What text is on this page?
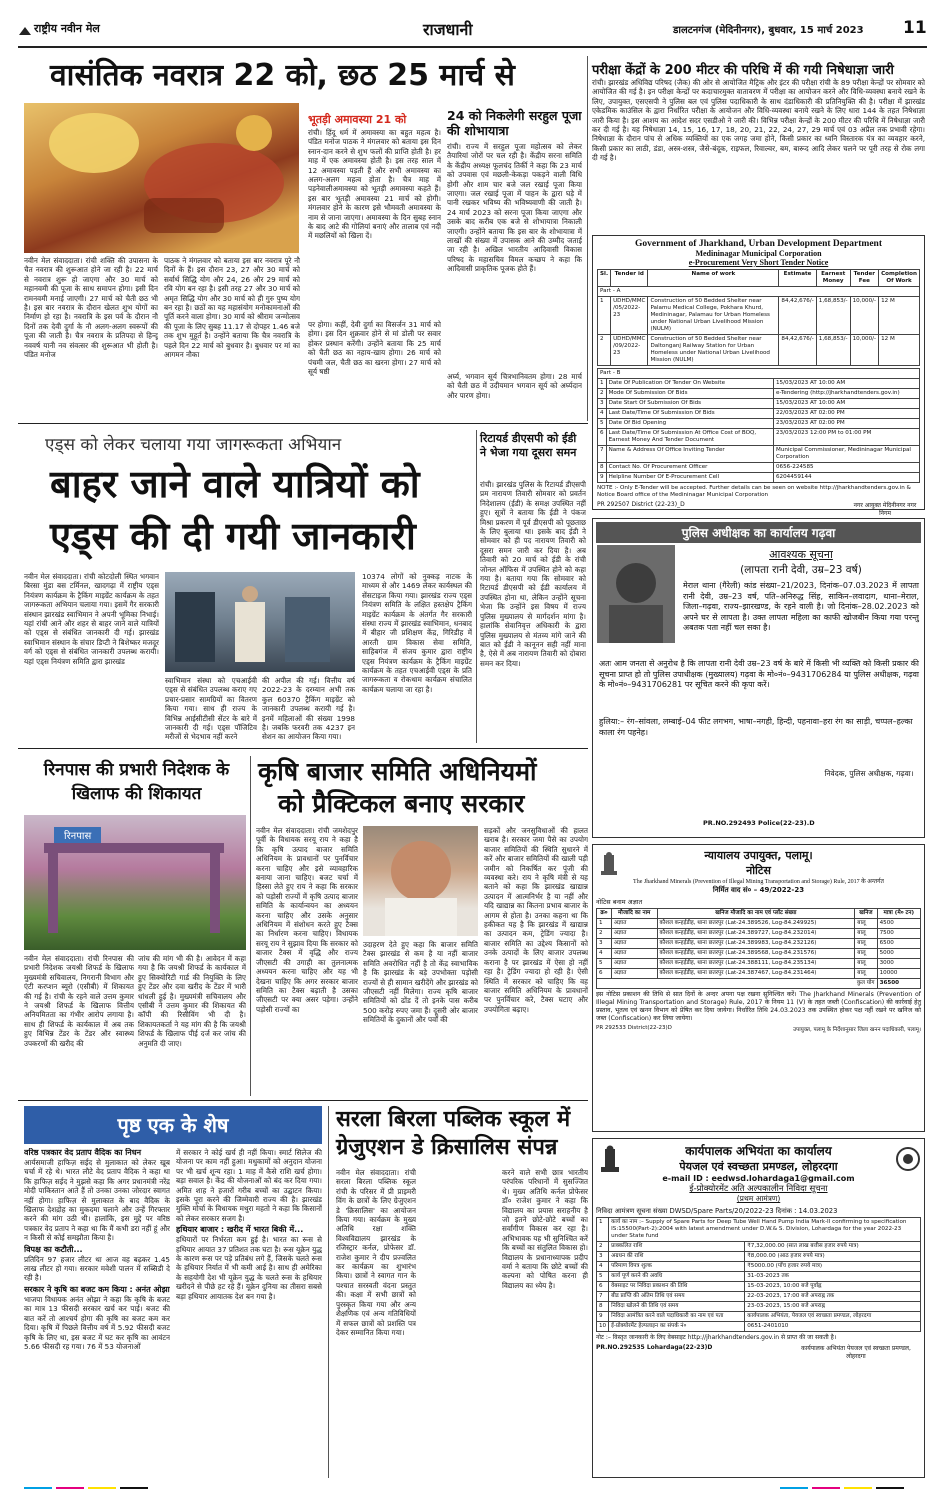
राष्ट्रीय नवीन मेल	राजधानी	डालटनगंज (मेदिनीनगर), बुधवार, 15 मार्च 2023 11
वासंतिक नवरात्र 22 को, छठ 25 मार्च से
भूतड़ी अमावस्या 21 को
नवीन मेल संवाददाता। रांची शक्ति की उपासना के चैत नवरात्र की शुरूआत होने जा रही है। 22 मार्च से नवरात्र शुरू हो जाएगा और 30 मार्च को महानवमी की पूजा के साथ समापन होगा। इसी दिन रामनवमी मनाई जाएगी। 27 मार्च को चैती छठ भी है। इस बार नवरात्र के दौरान खेलत शुभ योगों का निर्माण हो रहा है। नवरात्रि के इस पर्व के दौरान नौ दिनों तक देवी दुर्गा के नौ अलग-अलग स्वरूपों की पूजा की जाती है। चैत्र नवरात्र के प्रतिपदा से हिन्दू नववर्ष यानी नव संवत्सर की शुरूआत भी होती है। पंडित मनोज
पाठक ने मंगलवार को बताया इस बार नवरात्र पूरे नौ दिनों के हैं। इस दौरान 23, 27 और 30 मार्च को सर्वार्थ सिद्धि योग और 24, 26 और 29 मार्च को रवि योग बन रहा है। इसी तरह 27 और 30 मार्च को अमृत सिद्धि योग और 30 मार्च को ही गुरु पुष्य योग बन रहा है। छठों का यह महासंयोग मनोकामनाओं की पूर्ति करने वाला होगा। 30 मार्च को श्रीराम जन्मोत्सव की पूजा के लिए सुबह 11.17 से दोपहर 1.46 बजे तक शुभ मुहूर्त है। उन्होंने बताया कि चैत्र नवरात्रि के पहले दिन 22 मार्च को बुधवार है। बुधवार पर मां का आगमन नौका
रांची। हिंदू धर्म में अमावस्या का बहुत महत्व है। पंडित मनोज पाठक ने मंगलवार को बताया इस दिन स्नान-दान करने से शुभ फलों की प्राप्ति होती है। हर माह में एक अमावस्या होती है। इस तरह साल में 12 अमावस्या पड़ती हैं और सभी अमावस्या का अलग-अलग महत्व होता है। चैत्र माह में पड़नेवालीअमावस्या को भूतड़ी अमावस्या कहते हैं। इस बार भूतड़ी अमावस्या 21 मार्च को होगी। मंगलवार होने के कारण इसे भौमवती अमावस्या के नाम से जाना जाएगा। अमावस्या के दिन सुबह स्नान के बाद आटे की गोलियां बनाएं और तालाब एवं नदी में मछलियों को खिला दें।
पर होगा। कहीं, देवी दुर्गा का विसर्जन 31 मार्च को होगा। इस दिन शुक्रवार होने से मां डोली पर सवार होकर प्रस्थान करेंगी। उन्होंने बताया कि 25 मार्च को चैती छठ का नहाय-खाय होगा। 26 मार्च को पंचमी जल, चैती छठ का खरना होगा। 27 मार्च को सूर्य षष्ठी
24 को निकलेगी सरहुल पूजा की शोभायात्रा
रांची। राज्य में सरहुल पूजा महोत्सव को लेकर तैयारियां जोरों पर चल रही है। केंद्रीय सरना समिति के केंद्रीय अध्यक्ष फूलचंद तिर्की ने कहा कि 23 मार्च को उपवास एवं मछली-केकड़ा पकड़ने वाली विधि होगी और शाम चार बजे जल रखाई पूजा किया जाएगा। जल रखाई पूजा में पाहन के द्वारा घड़े में पानी रखकर भविष्य की भविष्यवाणी की जाती है। 24 मार्च 2023 को सरना पूजा किया जाएगा और उसके बाद करीब एक बजे से शोभायात्रा निकाली जाएगी। उन्होंने बताया कि इस बार के शोभायात्रा में लाखों की संख्या में उपासक आने की उम्मीद जताई जा रही है। अखिल भारतीय आदिवासी विकास परिषद के महासचिव विमल कच्छप ने कहा कि आदिवासी प्राकृतिक पूजक होते हैं।
अर्घ्य, भगवान सूर्य चित्रभानिवतम होगा। 28 मार्च को चैती छठ में उदीयमान भगवान सूर्य को अर्घ्यदान और पारण होगा।
परीक्षा केंद्रों के 200 मीटर की परिधि में की गयी निषेधाज्ञा जारी
रांची। झारखंड अधिविद्य परिषद (जैक) की ओर से आयोजित मैट्रिक और इंटर की परीक्षा रांची के 89 परीक्षा केन्द्रों पर सोमवार को आयोजित की गई है। इन परीक्षा केन्द्रों पर कदाचारमुक्त वातावरण में परीक्षा का आयोजन करने और विधि-व्यवस्था बनाये रखने के लिए, उपायुक्त, एसएसपी ने पुलिस बल एवं पुलिस पदाधिकारी के साथ दंडाधिकारी की प्रतिनियुक्ति की है। परीक्षा में झारखंड एकेडमिक काउंसिल के द्वारा निर्धारित परीक्षा के आयोजन और विधि-व्यवस्था बनाये रखने के लिए धारा 144 के तहत निषेधाज्ञा जारी किया है। इस आशय का आदेश सदर एसडीओ ने जारी की। विभिन्न परीक्षा केन्द्रों के 200 मीटर की परिधि में निषेधाज्ञा जारी कर दी गई है। यह निषेधाज्ञा 14, 15, 16, 17, 18, 20, 21, 22, 24, 27, 29 मार्च एवं 03 अप्रैल तक प्रभावी रहेगा। निषेधाज्ञा के दौरान पांच से अधिक व्यक्तियों का एक जगह जमा होने, किसी प्रकार का ध्वनि विस्तारक यंत्र का व्यवहार करने, किसी प्रकार का लाठी, डंडा, अस्त्र-शस्त्र, जैसे-बंदूक, राइफल, रिवाल्वर, बम, बारूद आदि लेकर चलने पर पूरी तरह से रोक लगा दी गई है।
Government of Jharkhand, Urban Development Department
Medininagar Municipal Corporation
e-Procurement Very Short Tender Notice
Sl.	Tender id	Name of work	Estimate	Earnest Money	Tender Fee	Completion Of Work
Part - A						
1	UDHD/MMC /05/2022-23	Construction of 50 Bedded Shelter near Palamu Medical College, Pokhara Khurd, Medininagar, Palamau for Urban Homeless under National Urban Livelihood Mission (NULM)	84,42,676/-	1,68,853/-	10,000/-	12 M
2	UDHD/MMC /09/2022-23	Construction of 50 Bedded Shelter near Daltonganj Railway Station for Urban Homeless under National Urban Livelihood Mission (NULM)	84,42,676/-	1,68,853/-	10,000/-	12 M
Part - B		
1	Date Of Publication Of Tender On Website	15/03/2023 AT 10:00 AM
2	Mode Of Submission Of Bids	e-Tendering (http://jharkhandtenders.gov.in)
3	Date Start Of Submission Of Bids	15/03/2023 AT 10:00 AM
4	Last Date/Time Of Submission Of Bids	22/03/2023 AT 02:00 PM
5	Date Of Bid Opening	23/03/2023 AT 02:00 PM
6	Last Date/Time Of Submission At Office Cost of BOQ, Earnest Money And Tender Document	23/03/2023 12:00 PM to 01:00 PM
7	Name & Address Of Office Inviting Tender	Municipal Commissioner, Medininagar Municipal Corporation
8	Contact No. Of Procurement Officer	0656-224585
9	Helpline Number Of E-Procurement Cell	6204459144
NOTE :- Only E-Tender will be accepted. Further details can be seen on website http://jharkhandtenders.gov.in & Notice Board office of the Medininagar Municipal Corporation
PR 292507 District (22-23)_D	नगर आयुक्त मेदिनीनगर नगर निगम
एड्स को लेकर चलाया गया जागरूकता अभियान
बाहर जाने वाले यात्रियों को
एड्स की दी गयी जानकारी
नवीन मेल संवाददाता। रांची कोटदोली स्थित भगवान बिरसा मुंडा बस टर्मिनल, खादगढ़ा में राष्ट्रीय एड्स नियंत्रण कार्यक्रम के ट्रैकिंग माइग्रेंट कार्यक्रम के तहत जागरूकता अभियान चलाया गया। इसमें गैर सरकारी संस्थान झारखंड स्वाभिमान ने अपनी भूमिका निभाई। यहां रांची आने और शहर से बाहर जाने वाले यात्रियों को एड्स से संबंधित जानकारी दी गई। झारखंड स्वाभिमान संस्थान के संचार डिप्टी ने बिशेष्कर मजदूर वर्ग को एड्स से संबंधित जानकारी उपलब्ध करायी। यहां एड्स नियंत्रण समिति द्वारा झारखंड
स्वाभिमान संस्था को एचआईवी एड्स से संबंधित उपलब्ध कराए गए प्रचार-प्रसार सामग्रियों का वितरण किया गया। साथ ही राज्य के विभिन्न आईसीटीसी सेंटर के बारे में जानकारी दी गई। एड्स पॉजिटिव मरीजों से भेदभाव नहीं करने
की अपील की गई। वित्तीय वर्ष 2022-23 के दरम्यान अभी तक कुल 60370 ट्रैकिंग माइग्रेंट को जानकारी उपलब्ध करायी गई है। इनमें महिलाओं की संख्या 1998 है। जबकि फरवरी तक 4237 इन सेशन का आयोजन किया गया।
10374 लोगों को नुक्कड़ नाटक के माध्यम से और 1469 लेकर कार्यस्थल की सेंसटाइज किया गया। झारखंड राज्य एड्स नियंत्रण समिति के लक्षित हस्तक्षेप ट्रैकिंग माइग्रेंट कार्यक्रम के अंतर्गत गैर सरकारी संस्था राज्य में झारखंड स्वाभिमान, धनबाद में बीहार जी प्रशिक्षण केंद्र, गिरिडीह में आरती ग्राम विकास सेवा समिति, साहिबगंज में संजय कुमार द्वारा राष्ट्रीय एड्स नियंत्रण कार्यक्रम के ट्रैकिंग माइग्रेंट कार्यक्रम के तहत एचआईवी एड्स के प्रति जागरूकता व रोकथाम कार्यक्रम संचालित कार्यक्रम चलाया जा रहा है।
रिटायर्ड डीएसपी को ईडी ने भेजा गया दूसरा समन
रांची। झारखंड पुलिस के रिटायर्ड डीएसपी प्रम नारायण तिवारी सोमवार को प्रवर्तन निदेशालय (ईडी) के समक्ष उपस्थित नहीं हुए। सूत्रों ने बताया कि ईडी ने पंकज मिश्रा प्रकरण में पूर्व डीएसपी को पूछताछ के लिए बुलाया था। इसके बाद ईडी ने सोमवार को ही पद नारायण तिवारी को दूसरा समन जारी कर दिया है। अब तिवारी को 20 मार्च को ईडी के रांची जोनल ऑफिस में उपस्थित होने को कहा गया है। बताया गया कि सोमवार को रिटायर्ड डीएसपी को ईडी कार्यालय में उपस्थित होना था, लेकिन उन्होंने सूचना भेजा कि उन्होंने इस विषय में राज्य पुलिस मुख्यालय से मार्गदर्शन मांगा है। हालांकि सेवानिवृत्त अधिकारी के द्वारा पुलिस मुख्यालय से मंतव्य मांगे जाने की बात को ईडी ने कानूनन सही नहीं माना है, ऐसे में अब नारायण तिवारी को दोबारा समन कर दिया।
पुलिस अधीक्षक का कार्यालय गढ़वा
आवश्यक सूचना
(लापता रानी देवी, उम्र–23 वर्ष)
मेराल थाना (गैरेली) कांड संख्या–21/2023, दिनांक–07.03.2023 में लापता रानी देवी, उम्र–23 वर्ष, पति–अनिरुद्ध सिंह, साकिन–लवादाग, थाना–मेराल, जिला–गढ़वा, राज्य–झारखण्ड, के रहने वाली है। जो दिनांक–28.02.2023 को अपने घर से लापता है। उक्त लापता महिला का काफी खोजबीन किया गया परन्तु अबतक पता नहीं चल सका है।
अतः आम जनता से अनुरोध है कि लापता रानी देवी उम्र–23 वर्ष के बारे में किसी भी व्यक्ति को किसी प्रकार की सूचना प्राप्त हो तो पुलिस उपाधीक्षक (मुख्यालय) गढ़वा के मो०नं०–9431706284 या पुलिस अधीक्षक, गढ़वा के मो०नं०–9431706281 पर सूचित करने की कृपा करें।
हुलिया:– रंग–सांवला, लम्बाई–04 फीट लगभग, भाषा–नगही, हिन्दी, पहनावा–हरा रंग का साड़ी, चप्पल–हल्का काला रंग पहनेह।
निवेदक, पुलिस अधीक्षक, गढ़वा।
PR.NO.292493 Police(22-23).D
रिनपास की प्रभारी निदेशक के खिलाफ की शिकायत
रिनपास
नवीन मेल संवाददाता। रांची रिनपास की प्रभारी निदेशक जयश्री शिफर्ड के खिलाफ मुख्यमंत्री सचिवालय, निगरानी विभाग और एंटी करप्शन ब्यूरो (एसीबी) में शिकायत की गई है। रांची के रहने वाले उत्तम कुमार ने जयश्री शिफर्ड के खिलाफ वित्तीय अनियमितता का गंभीर आरोप लगाया है। साथ ही शिफर्ड के कार्यकाल में अब तक हुए विभिन्न टेंडर के टेंडर और स्वास्थ्य उपकरणों की खरीद की
जांच की मांग भी की है। आवेदन में कहा गया है कि जयश्री शिफर्ड के कार्यकाल में हुए सिक्योरिटी गार्ड की नियुक्ति के लिए हुए टेंडर और दवा खरीद के टेंडर में भारी धांधली हुई है। मुख्यमंत्री सचिवालय और एसीबी ने उत्तम कुमार की शिकायत की कॉपी की रिसीविंग भी दी है। शिकायतकर्ता ने यह मांग की है कि जयश्री शिफर्ड के खिलाफ पीई दर्ज कर जांच की अनुमति दी जाए।
कृषि बाजार समिति अधिनियमों
को प्रैक्टिकल बनाए सरकार
नवीन मेल संवाददाता। रांची जमशेदपुर पूर्वी के विधायक सरयू राय ने कहा है कि कृषि उत्पाद बाजार समिति अधिनियम के प्रावधानों पर पुनर्विचार करना चाहिए और इसे व्यावहारिक बनाया जाना चाहिए। बजट चर्चा में हिस्सा लेते हुए राय ने कहा कि सरकार को पड़ोसी राज्यों में कृषि उत्पाद बाजार समिति के कार्यान्वयन का अध्ययन करना चाहिए और उसके अनुसार अधिनियम में संशोधन करते हुए टैक्स का निर्धारण करना चाहिए। विधायक सरयू राय ने सुझाव दिया कि सरकार को बाजार टैक्स में वृद्धि और राज्य जीएसटी की उगाही का तुलनात्मक अध्ययन करना चाहिए और यह भी देखना चाहिए कि अगर सरकार बाजार समिति का टैक्स बढ़ाती है उसका जीएसटी पर क्या असर पड़ेगा। उन्होंने पड़ोसी राज्यों का
उदाहरण देते हुए कहा कि बाजार समिति टैक्स झारखंड से कम है या नहीं बाजार समिति अवरोधित नहीं है तो केंद्र स्वाभाविक है कि झारखंड के बड़े उपभोक्ता पड़ोसी राज्यों से ही सामान खरीदेंगे और झारखंड को जीएसटी नहीं मिलेगा। राज्य कृषि बाजार समितियों को ढोंड दें तो इनके पास करीब 500 करोड़ रुपए जमा हैं। दूसरी ओर बाजार समितियों के दुकानों और पर्वों की
सड़कों और जनसुविधाओं की हालत खराब है। सरकार जमा पैसे का उपयोग बाजार समितियों की स्थिति सुधारने में करें और बाजार समितियों की खाली पड़ी जमीन को निकर्षित कर पूंजी की व्यवस्था करे। राय ने कृषि मंत्री से यह बताने को कहा कि झारखंड खाद्यान्न उत्पादन में आत्मनिर्भर है या नहीं और यदि खाद्यान्न का कितना प्रभाव बाजार के आगम से होता है। उनका कहना था कि हकीकत यह है कि झारखंड में खाद्यान्न का उत्पादन कम, ट्रेडिंग ज्यादा है। बाजार समिति का उद्देश्य किसानों को उनके उत्पादों के लिए बाजार उपलब्ध कराना है पर झारखंड में ऐसा हो नहीं रहा है। ट्रेडिंग ज्यादा हो रही है। ऐसी स्थिति में सरकार को चाहिए कि वह बाजार समिति अधिनियम के प्रावधानों पर पुनर्विचार करे, टैक्स घटाए और उपयोगिता बढ़ाए।
न्यायालय उपायुक्त, पलामू।
नोटिस
The Jharkhand Minerals (Prevention of Illegal Mining Transportation and Storage) Rule, 2017 के अन्तर्गत
निर्मित वाद सं० – 49/2022-23
नोटिस बनाम अज्ञात
क्र०	मौजादि का नाम	खनिज मौजादि का नाम एवं प्लॉट संख्या	खनिज	मात्रा (मे० टन)
1	अज्ञात	कौशल कन्हईडीह, थाना छतरपुर (Lat-24.389526, Log-84.249925)	बालू	4500
2	अज्ञात	कौशल कन्हईडीह, थाना छतरपुर (Lat-24.389727, Log-84.232014)	बालू	7500
3	अज्ञात	कौशल कन्हईडीह, थाना छतरपुर (Lat-24.389983, Log-84.232126)	बालू	6500
4	अज्ञात	कौशल कन्हईडीह, थाना छतरपुर (Lat-24.389568, Log-84.231576)	बालू	5000
5	अज्ञात	कौशल कन्हईडीह, थाना छतरपुर (Lat-24.388111, Log-84.235134)	बालू	3000
6	अज्ञात	कौशल कन्हईडीह, थाना छतरपुर (Lat-24.387467, Log-84.231464)	बालू	10000
कुल योग				36500
इस नोटिस प्रकाशन की तिथि से सात दिनों के अन्दर अपना पक्ष रखना सुनिश्चित करें। The Jharkhand Minerals (Prevention of Illegal Mining Transportation and Storage) Rule, 2017 के नियम 11 (V) के तहत जब्ती (Confiscation) की कार्रवाई हेतु प्रस्ताव, भूतत्व एवं खनन विभाग को प्रेषित कर दिया जायेगा। निर्धारित तिथि 24.03.2023 तक उपस्थित होकर पक्ष नहीं रखने पर खनिज को जब्त (Confiscation) कर लिया जायेगा।
PR 292533 District(22-23)D	उपायुक्त, पलामू के निर्देशानुसार जिला खनन पदाधिकारी, पलामू।
पृष्ठ एक के शेष
वरिष्ठ पत्रकार वेद प्रताप वैदिक का निधन
आर्यसमाजी हाफिज़ सईद से मुलाकात को लेकर खूब चर्चा में रहे थे। भारत लौटे वेद प्रताप वैदिक ने कहा था कि हाफिज़ सईद ने मुझसे कहा कि अगर प्रधानमंत्री नरेंद्र मोदी पाकिस्तान आते हैं तो उनका उनका जोरदार स्वागत नहीं होगा। हाफिज़ से मुलाकात के बाद वैदिक के खिलाफ देशद्रोह का मुकदमा चलाने और उन्हें गिरफ्तार करने की मांग उठी थी। हालांकि, इस मुद्दे पर वरिष्ठ पत्रकार वेद प्रताप ने कहा था कि मैं कभी डरा नहीं हूं और न किसी से कोई समझौता किया है।
विपक्ष का कटौती...
प्रतिदिन 97 हजार लीटर था आज वह बढ़कर 1.45 लाख लीटर हो गया। सरकार मवेशी पालन में सब्सिडी दे रही है।
सरकार ने कृषि का बजट कम किया : अनंत ओझा
भाजपा विधायक अनंत ओझा ने कहा कि कृषि के बजट का मात्र 13 फीसदी सरकार खर्च कर पाई। बजट की बात करें तो आश्चर्य होगा की कृषि का बजट कम कर दिया। कृषि में पिछले वित्तीय वर्ष में 5.92 फीसदी बजट कृषि के लिए था, इस बजट में घट कर कृषि का आवंटन 5.66 फीसदी रह गया। 76 में 53 योजनाओं
में सरकार ने कोई खर्च ही नहीं किया। स्मार्ट सिलेज की योजना पर काम नहीं हुआ। मधुकामों को अनुदान योजना पर भी खर्च शून्य रहा। 1 माह में कैसे राशि खर्च होगा। बड़ा सवाल है। केंद्र की योजनाओं को बंद कर दिया गया। अमित शाह ने हजारों गरीब बच्चों का उद्घाटन किया। इसके पूरा करने की जिम्मेवारी राज्य की है। झारखंड मुक्ति मोर्चा के विधायक मथुरा महतो ने कहा कि किसानों को लेकर सरकार सजग है।
हथियार बाजार : खरीद में भारत बिकी में...
हथियारों पर निर्भरता कम हुई है। भारत का रूस से हथियार आयात 37 प्रतिशत तक घटा है। रूस यूक्रेन युद्ध के कारण रूस पर पड़े प्रतिबंध लगे हैं, जिसके चलते रूस के हथियार निर्यात में भी कमी आई है। साथ ही अमेरिका के सहयोगी देश भी यूक्रेन युद्ध के चलते रूस के हथियार खरीदने से पीछे हट रहे हैं। यूक्रेन दुनिया का तीसरा सबसे बड़ा हथियार आयातक देश बन गया है।
सरला बिरला पब्लिक स्कूल में
ग्रेजुएशन डे क्रिसालिस संपन्न
नवीन मेल संवाददाता। रांची सरला बिरला पब्लिक स्कूल रांची के परिसर में प्री प्राइमरी विंग के छात्रों के लिए ग्रेजुएशन डे 'क्रिसालिस' का आयोजन किया गया। कार्यक्रम के मुख्य अतिथि रक्षा शक्ति विश्वविद्यालय झारखंड के रजिस्ट्रार कर्नल, प्रोफेसर डॉ. राजेश कुमार ने दीप प्रज्वलित कर कार्यक्रम का शुभारंभ किया। छात्रों ने स्वागत गान के पश्चात सरस्वती वंदना प्रस्तुत की। कक्षा में सभी छात्रों को पुरस्कृत किया गया और अन्य शैक्षणिक एवं अन्य गतिविधियों में सफल छात्रों को प्रशस्ति पत्र देकर सम्मानित किया गया।
करने वाले सभी छात्र भारतीय परंपरिक परिधानों में सुसज्जित थे। मुख्य अतिथि कर्नल प्रोफेसर डॉ० राजेश कुमार ने कहा कि विद्यालय का प्रयास सराहनीय है जो इतने छोटे-छोटे बच्चों का सर्वांगीण विकास कर रहा है। अभिभावक यह भी सुनिश्चित करें कि बच्चों का संतुलित विकास हो। विद्यालय के प्रधानाध्यापक प्रदीप वर्मा ने बताया कि छोटे बच्चों की कल्पना को पोषित करना ही विद्यालय का ध्येय है।
कार्यपालक अभियंता का कार्यालय
पेयजल एवं स्वच्छता प्रमण्डल, लोहरदगा
e-mail ID : eedwsd.lohardaga1@gmail.com
ई-प्रोक्योरमेंट अति अल्पकालीन निविदा सूचना
(प्रथम आमंत्रण)
निविदा आमंत्रण सूचना संख्या DWSD/Spare Parts/20/2022-23 दिनांक : 14.03.2023
1	कार्य का नाम :– Supply of Spare Parts for Deep Tube Well Hand Pump India Mark-II confirming to specification IS:15500(Part-2):2004 with latest amendment under D.W.& S. Division, Lohardaga for the year 2022-23 under State fund	
2	प्राक्कलित राशि	₹7,32,000.00 (सात लाख बत्तीस हजार रुपये मात्र)
3	अग्रधन की राशि	₹8,000.00 (आठ हजार रुपये मात्र)
4	परिमाण विपत्र शुल्क	₹5000.00 (पाँच हजार रुपये मात्र)
5	कार्य पूर्ण करने की अवधि	31-03-2023 तक
6	वेबसाइट पर निविदा प्रकाशन की तिथि	15-03-2023, 10:00 बजे पूर्वाह्न
7	बीड प्राप्ति की अंतिम तिथि एवं समय	22-03-2023, 17:00 बजे अपराह्न तक
8	निविदा खोलने की तिथि एवं समय	23-03-2023, 15:00 बजे अपराह्न
9	निविदा आमंत्रित करने वाले पदाधिकारी का नाम एवं पता	कार्यपालक अभियंता, पेयजल एवं स्वच्छता प्रमण्डल, लोहरदगा
10	ई-प्रोक्योरमेंट हेल्पलाइन का संपर्क नं०	0651-2401010
नोट :– विस्तृत जानकारी के लिए वेबसाइट http://jharkhandtenders.gov.in से प्राप्त की जा सकती है।
PR.NO.292535 Lohardaga(22-23)D	कार्यपालक अभियंता पेयजल एवं स्वच्छता प्रमण्डल, लोहरदगा
